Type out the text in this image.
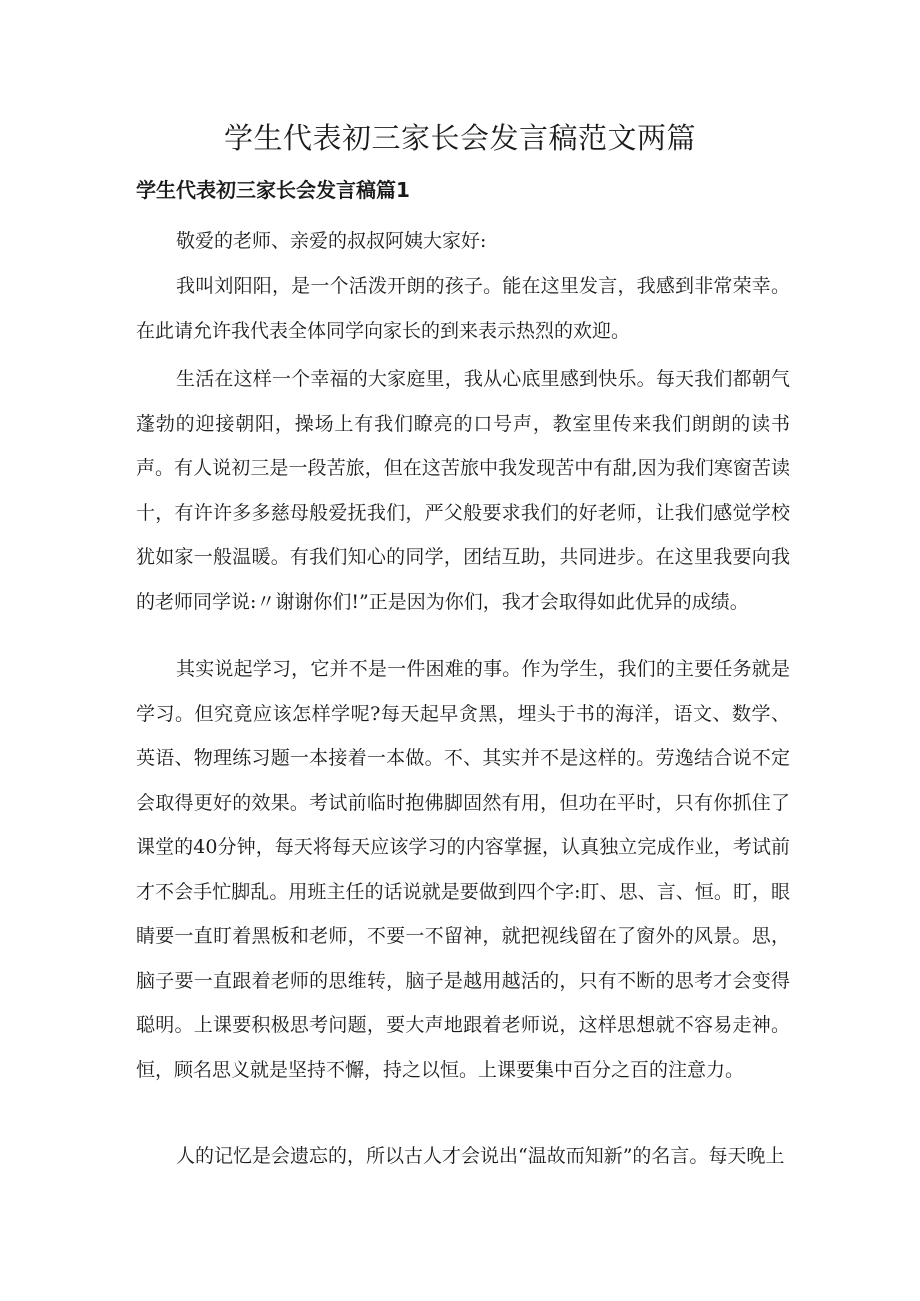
学生代表初三家长会发言稿范文两篇
学生代表初三家长会发言稿篇1

敬爱的老师、亲爱的叔叔阿姨大家好:

我叫刘阳阳，是一个活泼开朗的孩子。能在这里发言，我感到非常荣幸。在此请允许我代表全体同学向家长的到来表示热烈的欢迎。

生活在这样一个幸福的大家庭里，我从心底里感到快乐。每天我们都朝气蓬勃的迎接朝阳，操场上有我们瞭亮的口号声，教室里传来我们朗朗的读书声。有人说初三是一段苦旅，但在这苦旅中我发现苦中有甜,因为我们寒窗苦读十，有许许多多慈母般爱抚我们，严父般要求我们的好老师，让我们感觉学校犹如家一般温暖。有我们知心的同学，团结互助，共同进步。在这里我要向我的老师同学说:〃谢谢你们!”正是因为你们，我才会取得如此优异的成绩。

其实说起学习，它并不是一件困难的事。作为学生，我们的主要任务就是学习。但究竟应该怎样学呢?每天起早贪黑，埋头于书的海洋，语文、数学、英语、物理练习题一本接着一本做。不、其实并不是这样的。劳逸结合说不定会取得更好的效果。考试前临时抱佛脚固然有用，但功在平时，只有你抓住了课堂的40分钟，每天将每天应该学习的内容掌握，认真独立完成作业，考试前才不会手忙脚乱。用班主任的话说就是要做到四个字:盯、思、言、恒。盯，眼睛要一直盯着黑板和老师，不要一不留神，就把视线留在了窗外的风景。思，脑子要一直跟着老师的思维转，脑子是越用越活的，只有不断的思考才会变得聪明。上课要积极思考问题，要大声地跟着老师说，这样思想就不容易走神。恒，顾名思义就是坚持不懈，持之以恒。上课要集中百分之百的注意力。

人的记忆是会遗忘的，所以古人才会说出“温故而知新”的名言。每天晚上
